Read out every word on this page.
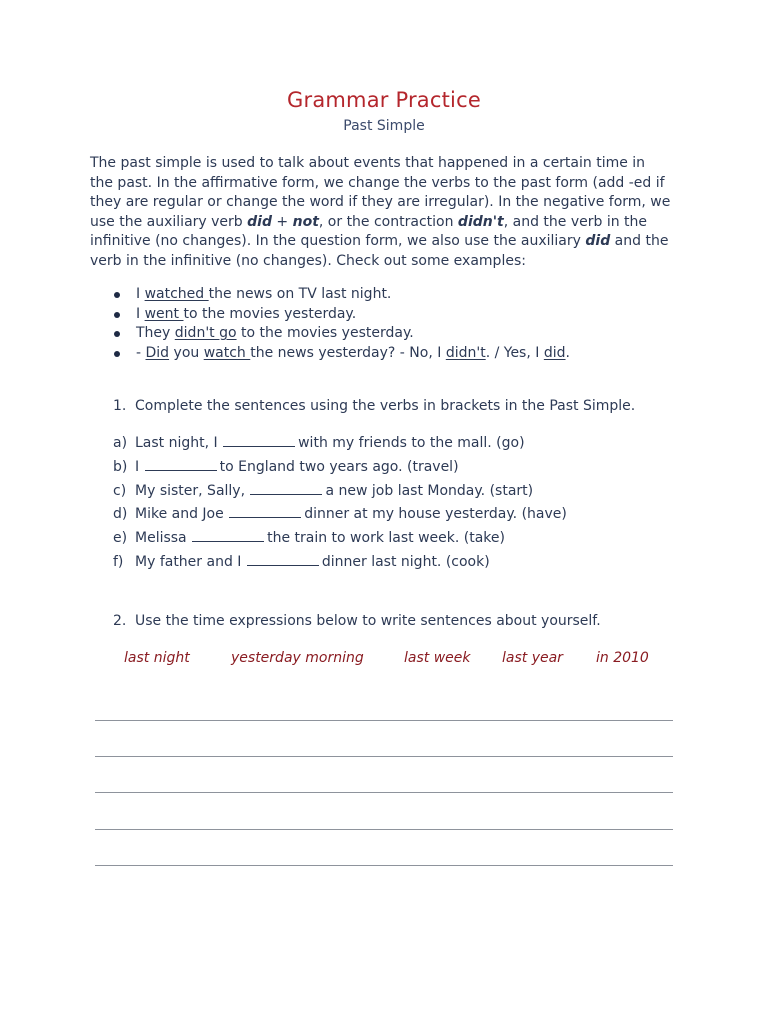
Grammar Practice
Past Simple
The past simple is used to talk about events that happened in a certain time in
the past. In the affirmative form, we change the verbs to the past form (add -ed if
they are regular or change the word if they are irregular). In the negative form, we
use the auxiliary verb did + not, or the contraction didn't, and the verb in the
infinitive (no changes). In the question form, we also use the auxiliary did and the
verb in the infinitive (no changes). Check out some examples:
I watched the news on TV last night.
I went to the movies yesterday.
They didn't go to the movies yesterday.
- Did you watch the news yesterday? - No, I didn't. / Yes, I did.
1. Complete the sentences using the verbs in brackets in the Past Simple.
a) Last night, I	with my friends to the mall. (go)
b) I	to England two years ago. (travel)
c) My sister, Sally,	a new job last Monday. (start)
d) Mike and Joe	dinner at my house yesterday. (have)
e) Melissa	the train to work last week. (take)
f) My father and I	dinner last night. (cook)
2. Use the time expressions below to write sentences about yourself.
last night	yesterday morning	last week last year in 2010
